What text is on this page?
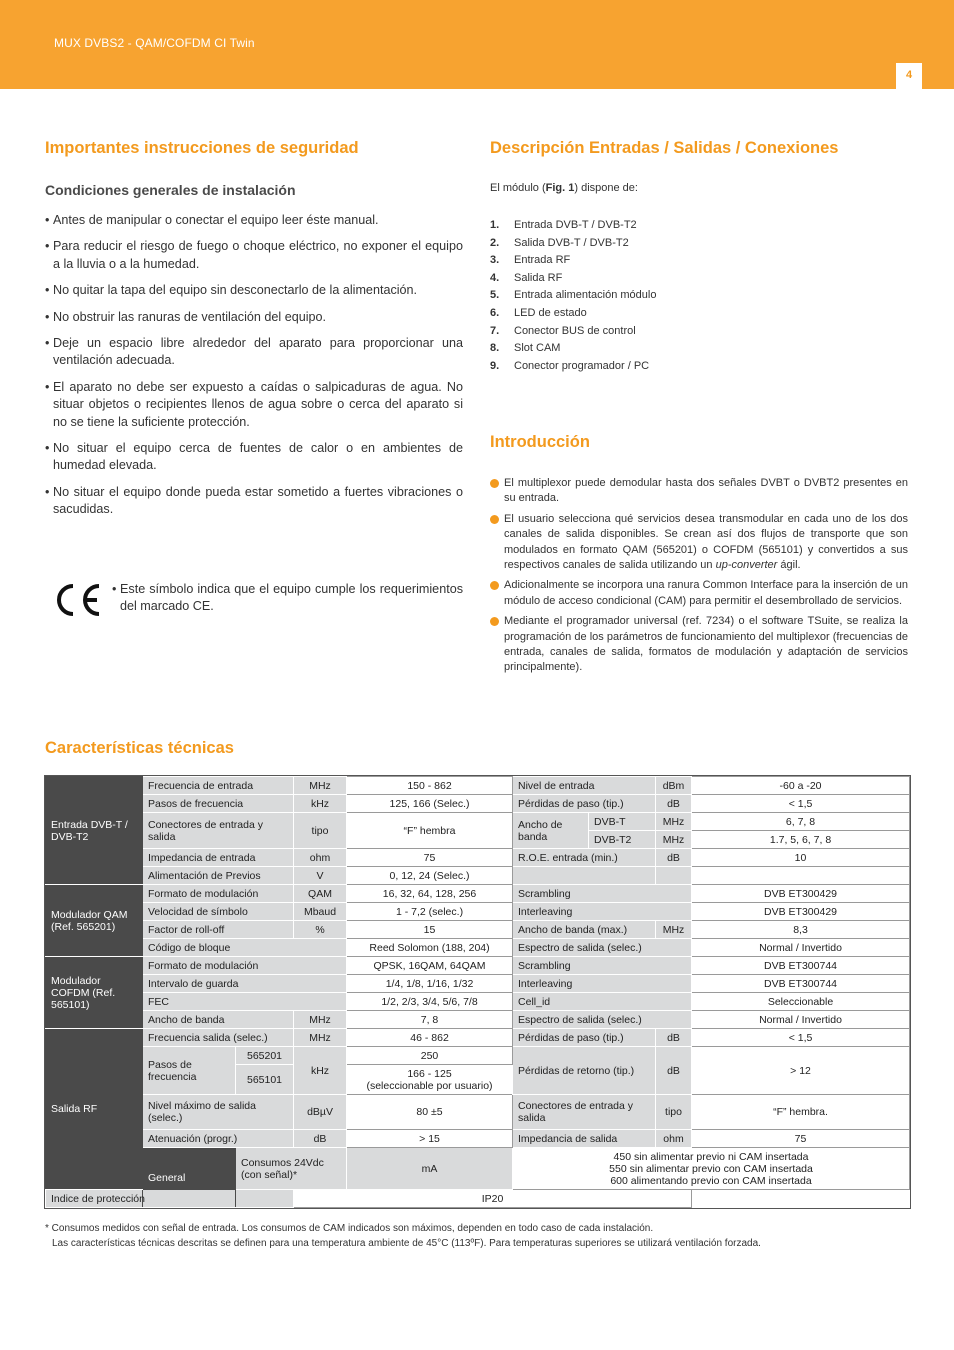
MUX DVBS2 - QAM/COFDM CI Twin
4
Importantes instrucciones de seguridad
Condiciones generales de instalación

• Antes de manipular o conectar el equipo leer éste manual.

• Para reducir el riesgo de fuego o choque eléctrico, no exponer el equipo a la lluvia o a la humedad.

• No quitar la tapa del equipo sin desconectarlo de la alimentación.

• No obstruir las ranuras de ventilación del equipo.

• Deje un espacio libre alrededor del aparato para proporcionar una ventilación adecuada.

• El aparato no debe ser expuesto a caídas o salpicaduras de agua. No situar objetos o recipientes llenos de agua sobre o cerca del aparato si no se tiene la suficiente protección.

• No situar el equipo cerca de fuentes de calor o en ambientes de humedad elevada.

• No situar el equipo donde pueda estar sometido a fuertes vibraciones o sacudidas.

• Este símbolo indica que el equipo cumple los requerimientos del marcado CE.
Descripción Entradas / Salidas / Conexiones
El módulo (Fig. 1) dispone de:
1.	Entrada DVB-T / DVB-T2
2.	Salida DVB-T / DVB-T2
3.	Entrada RF
4.	Salida RF
5.	Entrada alimentación módulo
6.	LED de estado
7.	Conector BUS de control
8.	Slot CAM
9.	Conector programador / PC
Introducción
El multiplexor puede demodular hasta dos señales DVBT o DVBT2 presentes en su entrada.
El usuario selecciona qué servicios desea transmodular en cada uno de los dos canales de salida disponibles. Se crean así dos flujos de transporte que son modulados en formato QAM (565201) o COFDM (565101) y convertidos a sus respectivos canales de salida utilizando un up-converter ágil.
Adicionalmente se incorpora una ranura Common Interface para la inserción de un módulo de acceso condicional (CAM) para permitir el desembrollado de servicios.
Mediante el programador universal (ref. 7234) o el software TSuite, se realiza la programación de los parámetros de funcionamiento del multiplexor (frecuencias de entrada, canales de salida, formatos de modulación y adaptación de servicios principalmente).
Características técnicas
Entrada DVB-T / DVB-T2	Frecuencia de entrada		MHz	150 - 862	Nivel de entrada		dBm	-60 a -20
	Pasos de frecuencia		kHz	125, 166 (Selec.)	Pérdidas de paso (tip.)		dB	< 1,5
	Conectores de entrada y salida		tipo	“F” hembra	Ancho de banda	DVB-T	MHz	6, 7, 8
						DVB-T2	MHz	1.7, 5, 6, 7, 8
	Impedancia de entrada		ohm	75	R.O.E. entrada (min.)		dB	10
	Alimentación de Previos		V	0, 12, 24 (Selec.)				
Modulador QAM (Ref. 565201)	Formato de modulación		QAM	16, 32, 64, 128, 256	Scrambling			DVB ET300429
	Velocidad de símbolo		Mbaud	1 - 7,2 (selec.)	Interleaving			DVB ET300429
	Factor de roll-off		%	15	Ancho de banda (max.)		MHz	8,3
	Código de bloque			Reed Solomon (188, 204)	Espectro de salida (selec.)			Normal / Invertido
Modulador COFDM (Ref. 565101)	Formato de modulación			QPSK, 16QAM, 64QAM	Scrambling			DVB ET300744
	Intervalo de guarda			1/4, 1/8, 1/16, 1/32	Interleaving			DVB ET300744
	FEC			1/2, 2/3, 3/4, 5/6, 7/8	Cell_id			Seleccionable
	Ancho de banda		MHz	7, 8	Espectro de salida (selec.)			Normal / Invertido
Salida RF	Frecuencia salida (selec.)		MHz	46 - 862	Pérdidas de paso (tip.)		dB	< 1,5
	Pasos de frecuencia	565201	kHz	250	Pérdidas de retorno (tip.)		dB	> 12
		565101		166 - 125
(seleccionable por usuario)				

	Nivel máximo de salida (selec.)		dBµV	80 ±5	Conectores de entrada y salida		tipo	“F” hembra.
	Atenuación (progr.)		dB	> 15	Impedancia de salida		ohm	75
	General	Consumos 24Vdc (con señal)*		mA	450 sin alimentar previo ni CAM insertada
550 sin alimentar previo con CAM insertada
600 alimentando previo con CAM insertada			

Indice de protección			IP20					
* Consumos medidos con señal de entrada. Los consumos de CAM indicados son máximos, dependen en todo caso de cada instalación.
Las características técnicas descritas se definen para una temperatura ambiente de 45°C (113ºF). Para temperaturas superiores se utilizará ventilación forzada.
